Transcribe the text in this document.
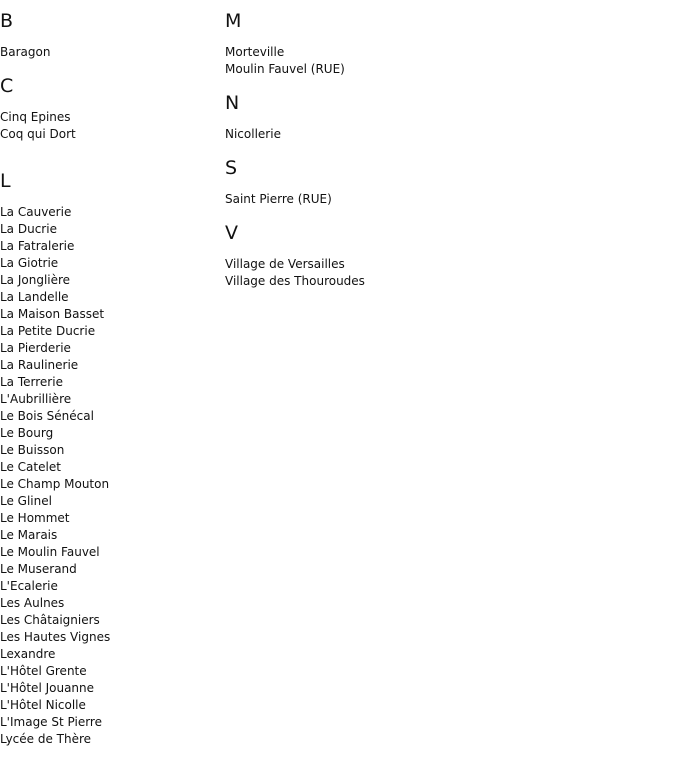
B
Baragon
C
Cinq Epines
Coq qui Dort
L
La Cauverie
La Ducrie
La Fatralerie
La Giotrie
La Jonglière
La Landelle
La Maison Basset
La Petite Ducrie
La Pierderie
La Raulinerie
La Terrerie
L'Aubrillière
Le Bois Sénécal
Le Bourg
Le Buisson
Le Catelet
Le Champ Mouton
Le Glinel
Le Hommet
Le Marais
Le Moulin Fauvel
Le Muserand
L'Ecalerie
Les Aulnes
Les Châtaigniers
Les Hautes Vignes
Lexandre
L'Hôtel Grente
L'Hôtel Jouanne
L'Hôtel Nicolle
L'Image St Pierre
Lycée de Thère
M
Morteville
Moulin Fauvel (RUE)
N
Nicollerie
S
Saint Pierre (RUE)
V
Village de Versailles
Village des Thouroudes
